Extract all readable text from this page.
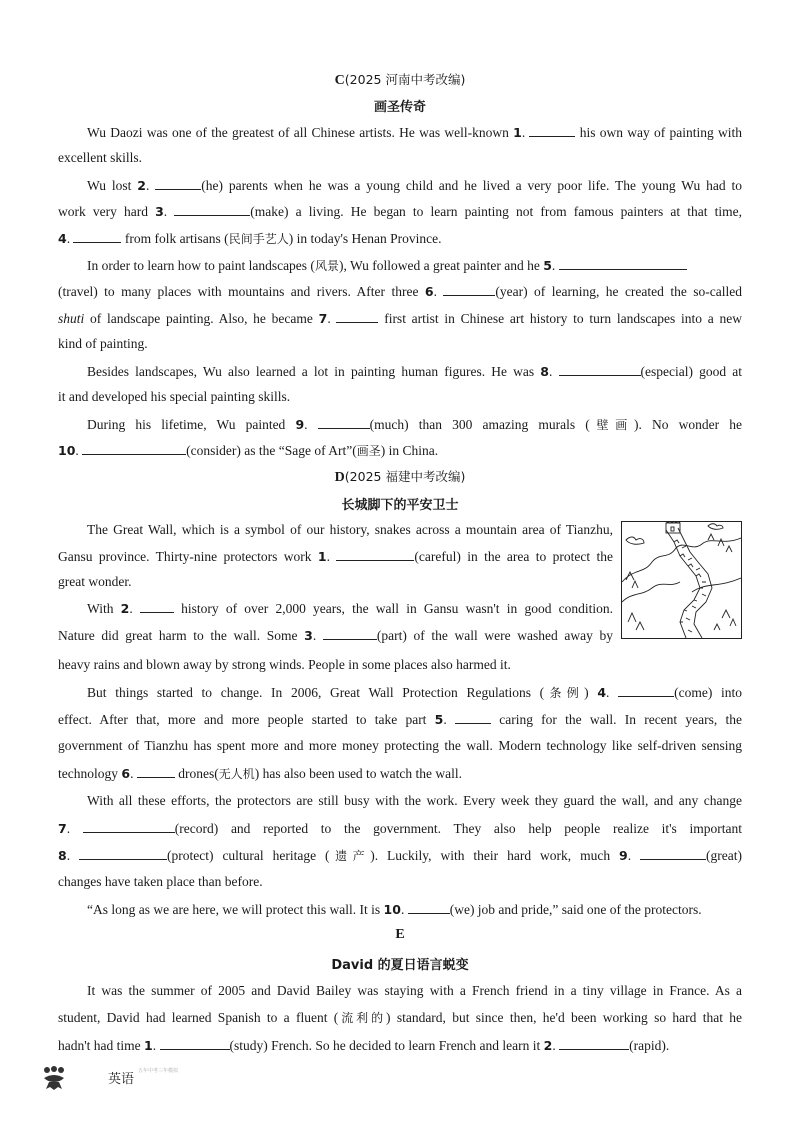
C(2025 河南中考改编)
画圣传奇
Wu Daozi was one of the greatest of all Chinese artists. He was well-known 1.	his own way of painting with
excellent skills.
Wu lost 2.	(he) parents when he was a young child and he lived a very poor life. The young Wu had to
work very hard 3.	(make) a living. He began to learn painting not from famous painters at that time,
4.	from folk artisans (民间手艺人) in today's Henan Province.
In order to learn how to paint landscapes (风景), Wu followed a great painter and he 5.
(travel) to many places with mountains and rivers. After three 6.	(year) of learning, he created the so-called
shuti of landscape painting. Also, he became 7.	first artist in Chinese art history to turn landscapes into a new
kind of painting.
Besides landscapes, Wu also learned a lot in painting human figures. He was 8.	(especial) good at
it and developed his special painting skills.
During his lifetime, Wu painted 9.	(much) than 300 amazing murals (壁画). No wonder he
10.	(consider) as the “Sage of Art”(画圣) in China.
D(2025 福建中考改编)
长城脚下的平安卫士
The Great Wall, which is a symbol of our history, snakes across a mountain area of Tianzhu,
Gansu province. Thirty-nine protectors work 1.	(careful) in the area to protect the
great wonder.
With 2.	history of over 2,000 years, the wall in Gansu wasn't in good condition.
Nature did great harm to the wall. Some 3.	(part) of the wall were washed away by
heavy rains and blown away by strong winds. People in some places also harmed it.
But things started to change. In 2006, Great Wall Protection Regulations (条例) 4.	(come) into
effect. After that, more and more people started to take part 5.	caring for the wall. In recent years, the
government of Tianzhu has spent more and more money protecting the wall. Modern technology like self-driven sensing
technology 6.	drones(无人机) has also been used to watch the wall.
With all these efforts, the protectors are still busy with the work. Every week they guard the wall, and any change
7.	(record) and reported to the government. They also help people realize it's important
8.	(protect) cultural heritage (遗产). Luckily, with their hard work, much 9.	(great)
changes have taken place than before.
“As long as we are here, we will protect this wall. It is 10.	(we) job and pride,” said one of the protectors.
E
David 的夏日语言蜕变
It was the summer of 2005 and David Bailey was staying with a French friend in a tiny village in France. As a
student, David had learned Spanish to a fluent (流利的) standard, but since then, he'd been working so hard that he
hadn't had time 1.	(study) French. So he decided to learn French and learn it 2.	(rapid).
英语
五年中考三年模拟
